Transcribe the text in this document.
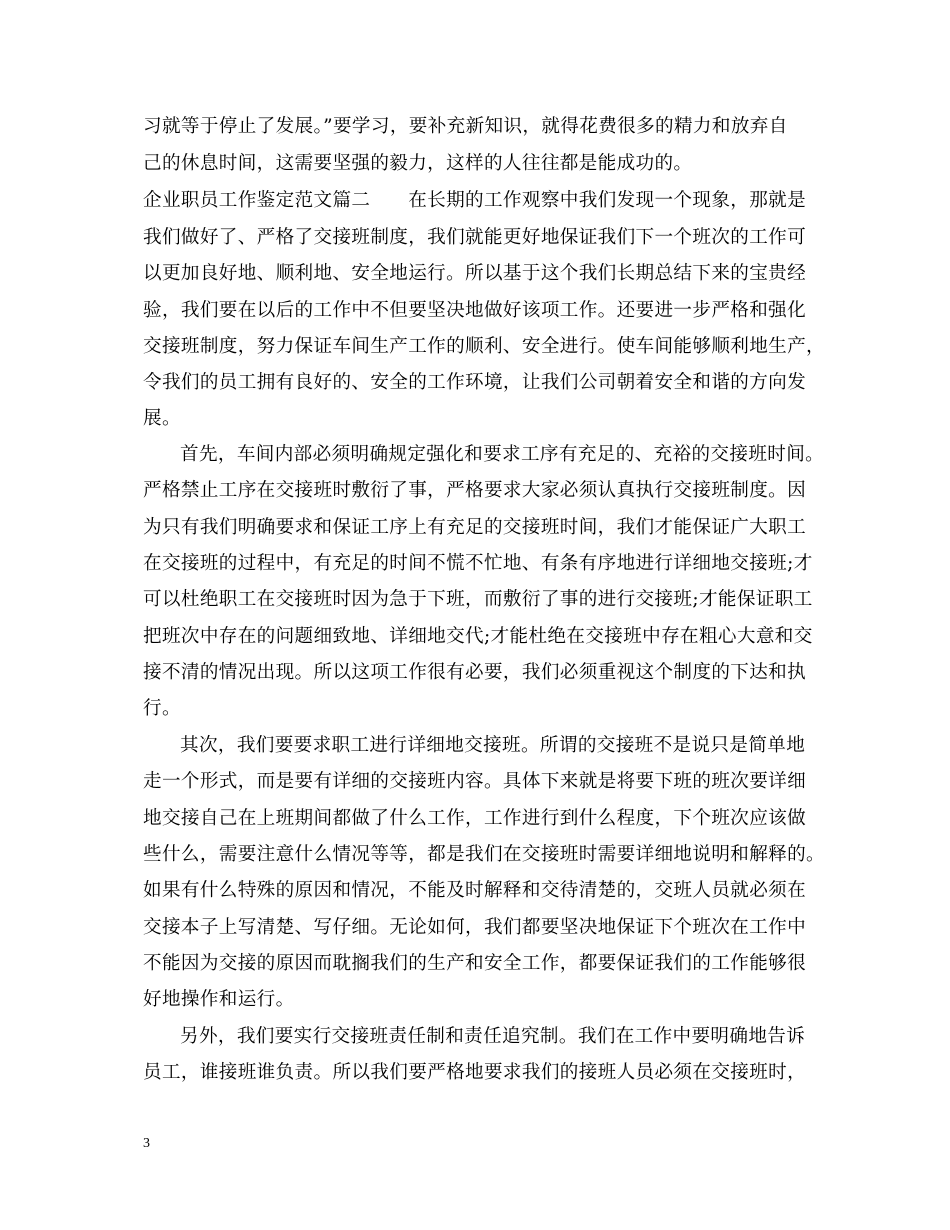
习就等于停止了发展。”要学习，要补充新知识，就得花费很多的精力和放弃自
己的休息时间，这需要坚强的毅力，这样的人往往都是能成功的。
企业职员工作鉴定范文篇二　　在长期的工作观察中我们发现一个现象，那就是
我们做好了、严格了交接班制度，我们就能更好地保证我们下一个班次的工作可
以更加良好地、顺利地、安全地运行。所以基于这个我们长期总结下来的宝贵经
验，我们要在以后的工作中不但要坚决地做好该项工作。还要进一步严格和强化
交接班制度，努力保证车间生产工作的顺利、安全进行。使车间能够顺利地生产，
令我们的员工拥有良好的、安全的工作环境，让我们公司朝着安全和谐的方向发
展。
首先，车间内部必须明确规定强化和要求工序有充足的、充裕的交接班时间。
严格禁止工序在交接班时敷衍了事，严格要求大家必须认真执行交接班制度。因
为只有我们明确要求和保证工序上有充足的交接班时间，我们才能保证广大职工
在交接班的过程中，有充足的时间不慌不忙地、有条有序地进行详细地交接班;才
可以杜绝职工在交接班时因为急于下班，而敷衍了事的进行交接班;才能保证职工
把班次中存在的问题细致地、详细地交代;才能杜绝在交接班中存在粗心大意和交
接不清的情况出现。所以这项工作很有必要，我们必须重视这个制度的下达和执
行。
其次，我们要要求职工进行详细地交接班。所谓的交接班不是说只是简单地
走一个形式，而是要有详细的交接班内容。具体下来就是将要下班的班次要详细
地交接自己在上班期间都做了什么工作，工作进行到什么程度，下个班次应该做
些什么，需要注意什么情况等等，都是我们在交接班时需要详细地说明和解释的。
如果有什么特殊的原因和情况，不能及时解释和交待清楚的，交班人员就必须在
交接本子上写清楚、写仔细。无论如何，我们都要坚决地保证下个班次在工作中
不能因为交接的原因而耽搁我们的生产和安全工作，都要保证我们的工作能够很
好地操作和运行。
另外，我们要实行交接班责任制和责任追究制。我们在工作中要明确地告诉
员工，谁接班谁负责。所以我们要严格地要求我们的接班人员必须在交接班时，
3
